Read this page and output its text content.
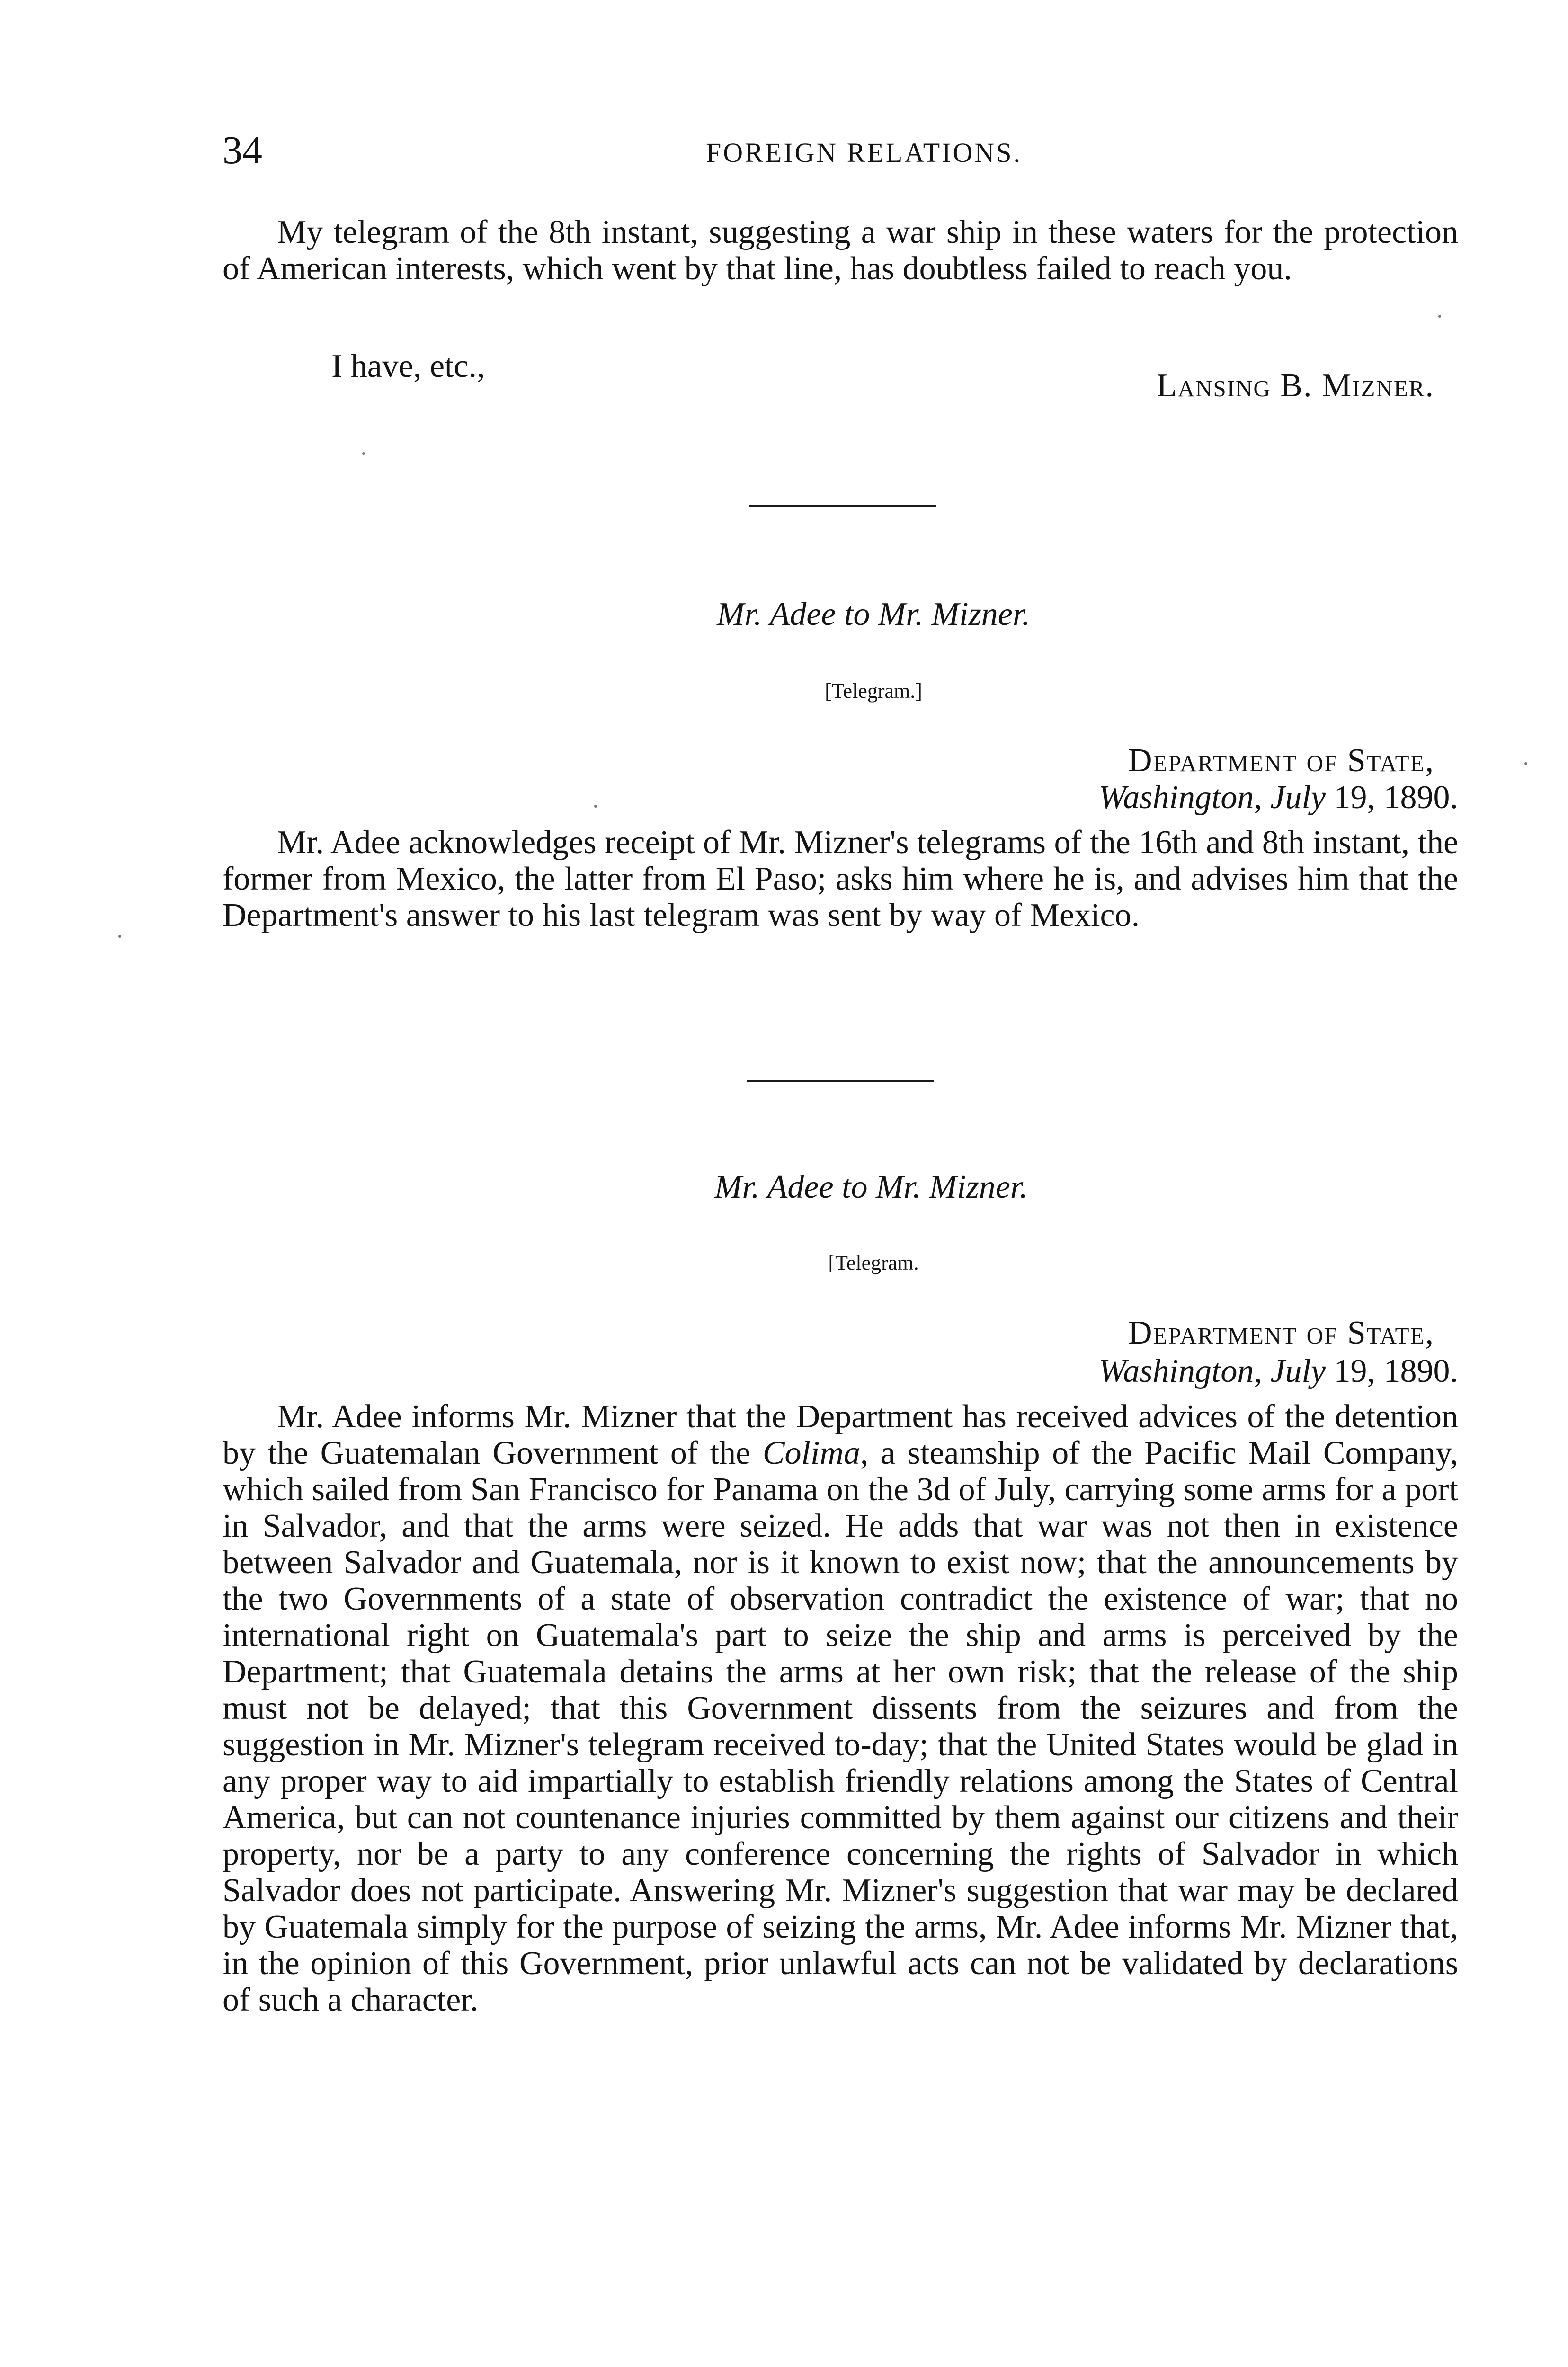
34	FOREIGN RELATIONS.

My telegram of the 8th instant, suggesting a war ship in these waters for the protection of American interests, which went by that line, has doubtless failed to reach you.

I have, etc.,
Lansing B. Mizner.
Mr. Adee to Mr. Mizner.
[Telegram.]
Department of State,
Washington, July 19, 1890.

Mr. Adee acknowledges receipt of Mr. Mizner's telegrams of the 16th and 8th instant, the former from Mexico, the latter from El Paso; asks him where he is, and advises him that the Department's answer to his last telegram was sent by way of Mexico.

Mr. Adee to Mr. Mizner.
[Telegram.
Department of State,
Washington, July 19, 1890.

Mr. Adee informs Mr. Mizner that the Department has received advices of the detention by the Guatemalan Government of the Colima, a steamship of the Pacific Mail Company, which sailed from San Francisco for Panama on the 3d of July, carrying some arms for a port in Salvador, and that the arms were seized. He adds that war was not then in existence between Salvador and Guatemala, nor is it known to exist now; that the announcements by the two Governments of a state of observation contradict the existence of war; that no international right on Guatemala's part to seize the ship and arms is perceived by the Department; that Guatemala detains the arms at her own risk; that the release of the ship must not be delayed; that this Government dissents from the seizures and from the suggestion in Mr. Mizner's telegram received to-day; that the United States would be glad in any proper way to aid impartially to establish friendly relations among the States of Central America, but can not countenance injuries committed by them against our citizens and their property, nor be a party to any conference concerning the rights of Salvador in which Salvador does not participate. Answering Mr. Mizner's suggestion that war may be declared by Guatemala simply for the purpose of seizing the arms, Mr. Adee informs Mr. Mizner that, in the opinion of this Government, prior unlawful acts can not be validated by declarations of such a character.
